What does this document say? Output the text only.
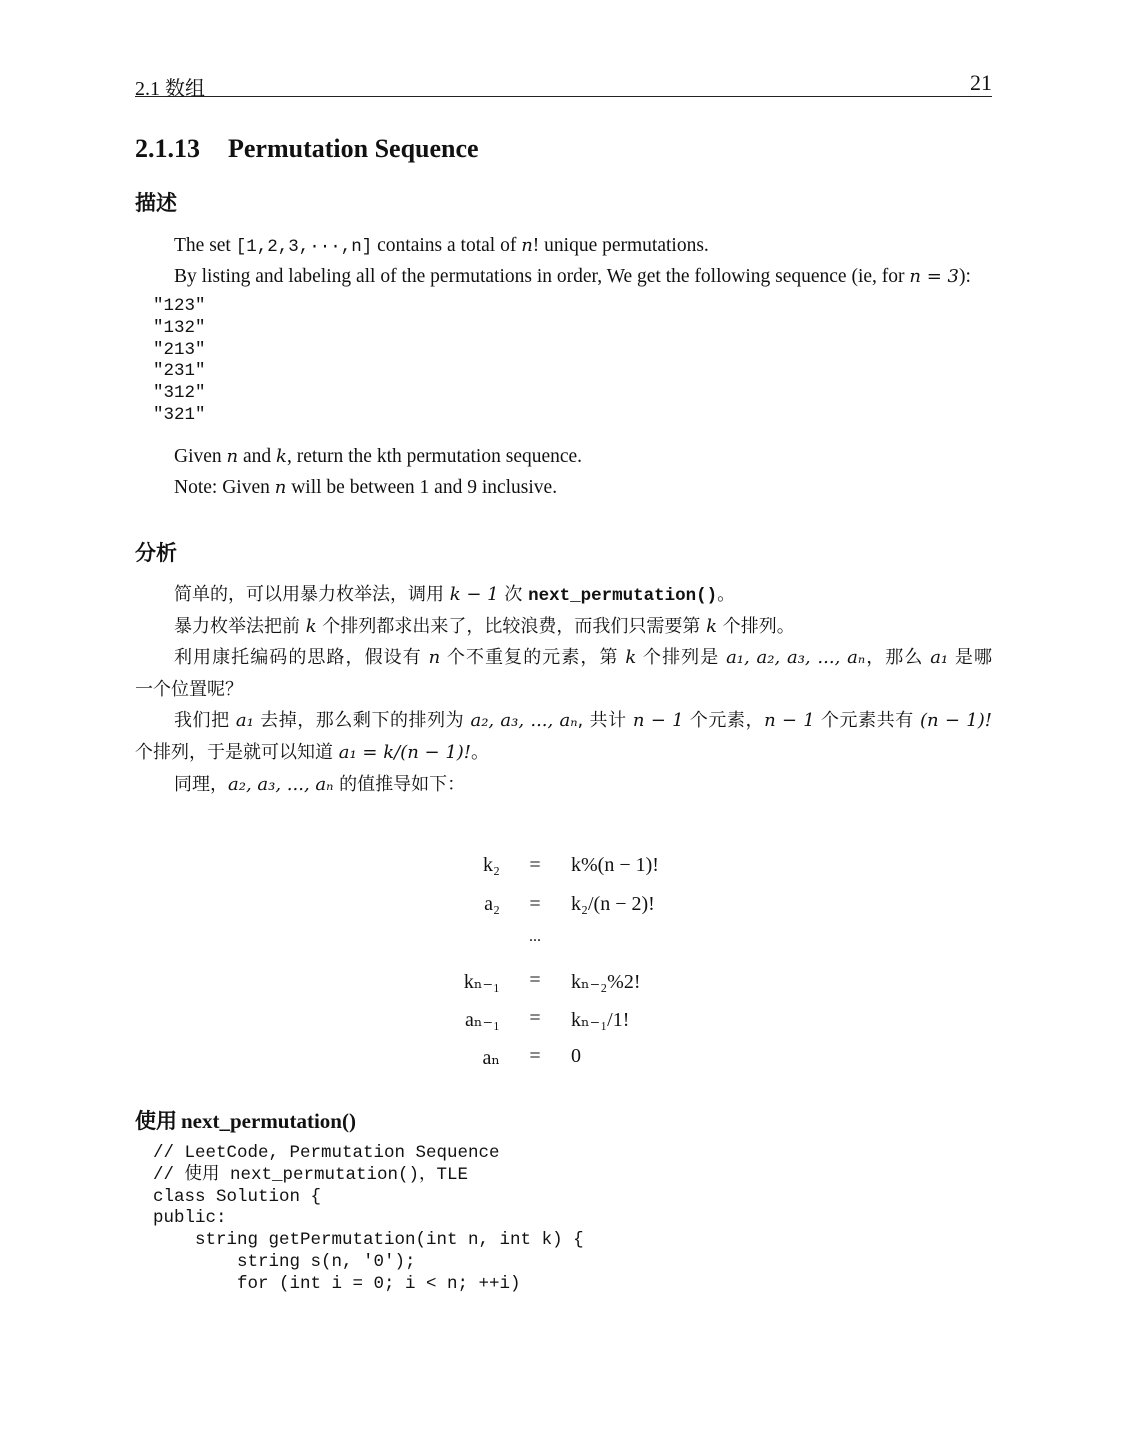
2.1 数组	21
2.1.13 Permutation Sequence
描述
The set [1,2,3,···,n] contains a total of n! unique permutations.
By listing and labeling all of the permutations in order, We get the following sequence (ie, for n = 3):
"123"
"132"
"213"
"231"
"312"
"321"
Given n and k, return the kth permutation sequence.
Note: Given n will be between 1 and 9 inclusive.
分析
简单的，可以用暴力枚举法，调用 k − 1 次 next_permutation()。
暴力枚举法把前 k 个排列都求出来了，比较浪费，而我们只需要第 k 个排列。
利用康托编码的思路，假设有 n 个不重复的元素，第 k 个排列是 a₁, a₂, a₃, ..., aₙ，那么 a₁ 是哪
一个位置呢？
我们把 a₁ 去掉，那么剩下的排列为 a₂, a₃, ..., aₙ, 共计 n − 1 个元素，n − 1 个元素共有 (n − 1)!
个排列，于是就可以知道 a₁ = k/(n − 1)!。
同理，a₂, a₃, ..., aₙ 的值推导如下：
k₂ = k%(n − 1)!
a₂ = k₂/(n − 2)!
...
kₙ₋₁ = kₙ₋₂%2!
aₙ₋₁ = kₙ₋₁/1!
aₙ = 0
使用 next_permutation()
// LeetCode, Permutation Sequence
// 使用 next_permutation()，TLE
class Solution {
public:
string getPermutation(int n, int k) {
string s(n, '0');
for (int i = 0; i < n; ++i)
